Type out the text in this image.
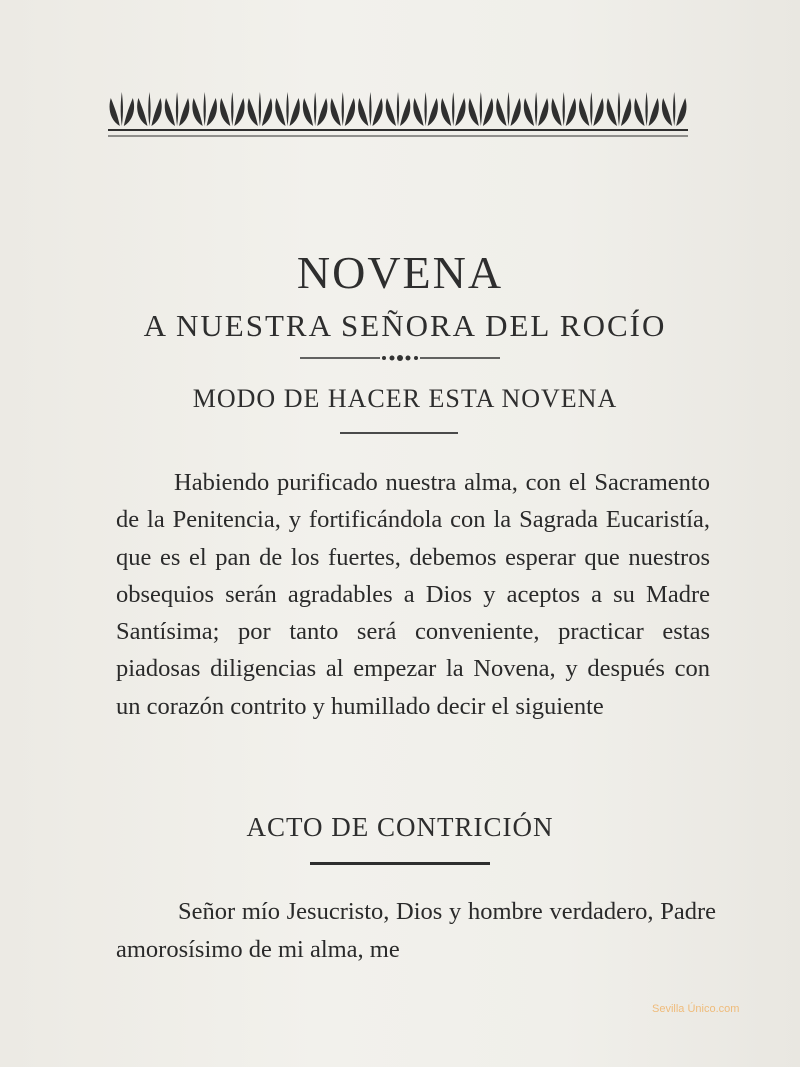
NOVENA
A NUESTRA SEÑORA DEL ROCÍO
MODO DE HACER ESTA NOVENA
Habiendo purificado nuestra alma, con el Sacramento de la Penitencia, y fortificándola con la Sagrada Eucaristía, que es el pan de los fuertes, debemos esperar que nuestros obsequios serán agradables a Dios y aceptos a su Madre Santísima; por tanto será conveniente, practicar estas piadosas diligencias al empezar la Novena, y después con un corazón contrito y humillado decir el siguiente
ACTO DE CONTRICIÓN
Señor mío Jesucristo, Dios y hombre verdadero, Padre amorosísimo de mi alma, me
Sevilla Único.com
